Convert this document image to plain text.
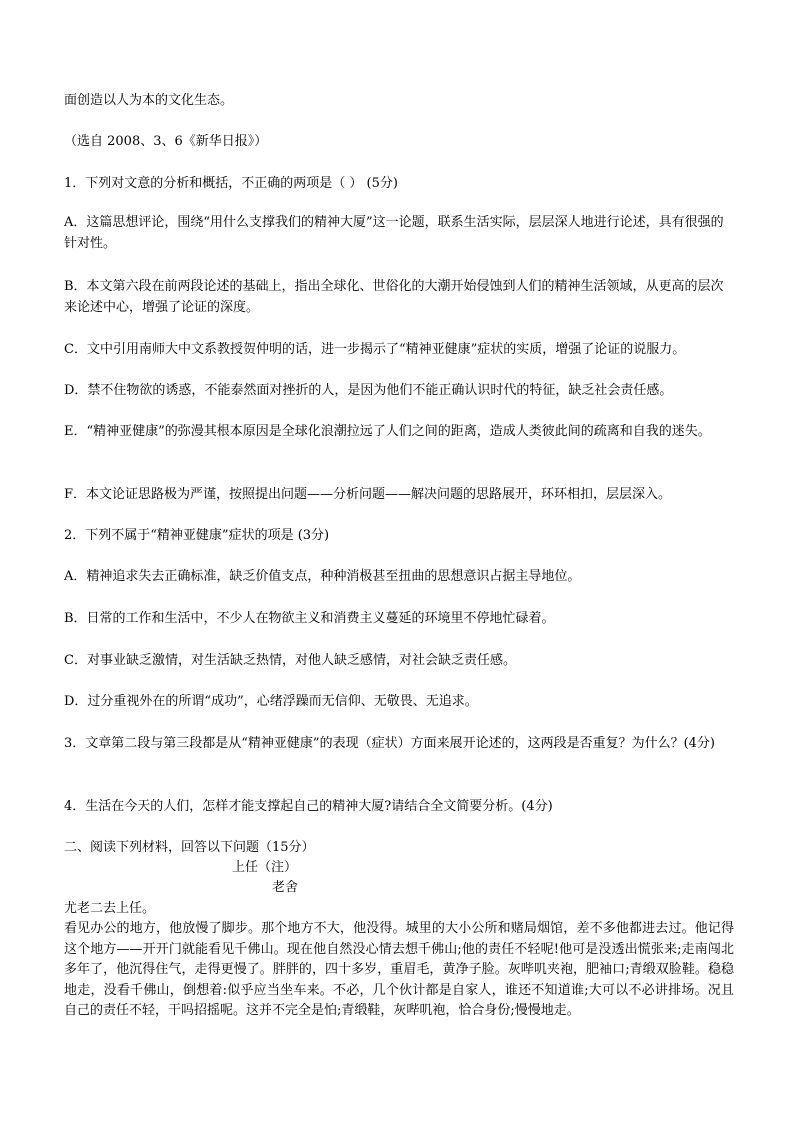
面创造以人为本的文化生态。

（选自 2008、3、6《新华日报》）

1．下列对文意的分析和概括，不正确的两项是（ ） (5分)

A．这篇思想评论，围绕“用什么支撑我们的精神大厦”这一论题，联系生活实际，层层深人地进行论述，具有很强的针对性。

B．本文第六段在前两段论述的基础上，指出全球化、世俗化的大潮开始侵蚀到人们的精神生活领域，从更高的层次来论述中心，增强了论证的深度。

C．文中引用南师大中文系教授贺仲明的话，进一步揭示了“精神亚健康”症状的实质，增强了论证的说服力。

D．禁不住物欲的诱惑，不能泰然面对挫折的人，是因为他们不能正确认识时代的特征，缺乏社会责任感。

E．“精神亚健康”的弥漫其根本原因是全球化浪潮拉远了人们之间的距离，造成人类彼此间的疏离和自我的迷失。

F．本文论证思路极为严谨，按照提出问题——分析问题——解决问题的思路展开，环环相扣，层层深入。

2．下列不属于“精神亚健康”症状的项是 (3分)

A．精神追求失去正确标准，缺乏价值支点，种种消极甚至扭曲的思想意识占据主导地位。

B．日常的工作和生活中，不少人在物欲主义和消费主义蔓延的环境里不停地忙碌着。

C．对事业缺乏激情，对生活缺乏热情，对他人缺乏感情，对社会缺乏责任感。

D．过分重视外在的所谓“成功”，心绪浮躁而无信仰、无敬畏、无追求。

3．文章第二段与第三段都是从“精神亚健康”的表现（症状）方面来展开论述的，这两段是否重复？为什么？(4分)

4．生活在今天的人们，怎样才能支撑起自己的精神大厦?请结合全文简要分析。(4分)

二、阅读下列材料，回答以下问题（15分）

上任（注）
老舍

尤老二去上任。

看见办公的地方，他放慢了脚步。那个地方不大，他没得。城里的大小公所和赌局烟馆，差不多他都进去过。他记得这个地方——开开门就能看见千佛山。现在他自然没心情去想千佛山;他的责任不轻呢!他可是没透出慌张来;走南闯北多年了，他沉得住气，走得更慢了。胖胖的，四十多岁，重眉毛，黄净子脸。灰哔叽夹袍，肥袖口;青缎双脸鞋。稳稳地走，没看千佛山，倒想着:似乎应当坐车来。不必，几个伙计都是自家人，谁还不知道谁;大可以不必讲排场。况且自己的责任不轻，干吗招摇呢。这并不完全是怕;青缎鞋，灰哔叽袍，恰合身份;慢慢地走。
